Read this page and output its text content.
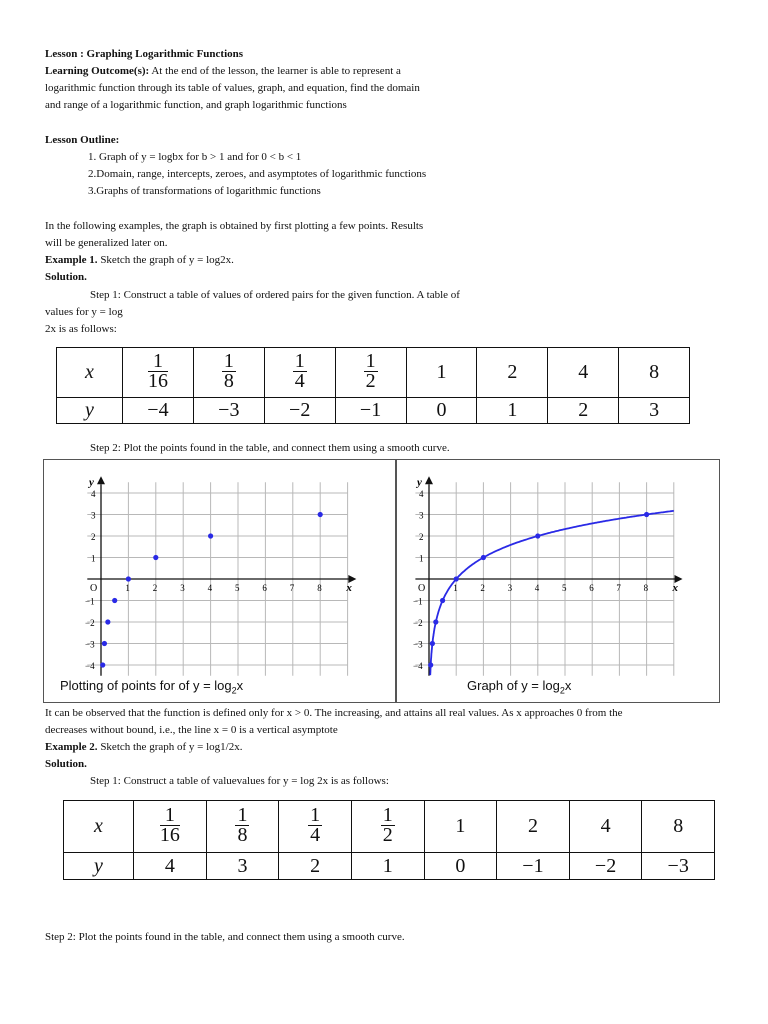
Lesson : Graphing Logarithmic Functions
Learning Outcome(s): At the end of the lesson, the learner is able to represent a
logarithmic function through its table of values, graph, and equation, find the domain
and range of a logarithmic function, and graph logarithmic functions
Lesson Outline:
1. Graph of y = logbx for b > 1 and for 0 < b < 1
2.Domain, range, intercepts, zeroes, and asymptotes of logarithmic functions
3.Graphs of transformations of logarithmic functions
In the following examples, the graph is obtained by first plotting a few points. Results
will be generalized later on.
Example 1. Sketch the graph of y = log2x.
Solution.
Step 1: Construct a table of values of ordered pairs for the given function. A table of
values for y = log
2x is as follows:
x	$\frac{1}{16}$	$\frac{1}{8}$	$\frac{1}{4}$	$\frac{1}{2}$	1	2	4	8
y	−4	−3	−2	−1	0	1	2	3
Step 2: Plot the points found in the table, and connect them using a smooth curve.
x
y
O	1	2	3	4	5	6	7	8
1
2
3
4
−1
−2
−3
−4
Plotting of points for of $y = \log_2x$
x
y
O	1	2	3	4	5	6	7	8
1
2
3
4
−1
−2
−3
−4
Graph of $y = \log_2x$
It can be observed that the function is defined only for x > 0. The increasing, and attains all real values. As x approaches 0 from the
decreases without bound, i.e., the line x = 0 is a vertical asymptote
Example 2. Sketch the graph of y = log1/2x.
Solution.
Step 1: Construct a table of valuevalues for y = log 2x is as follows:
x	$\frac{1}{16}$	$\frac{1}{8}$	$\frac{1}{4}$	$\frac{1}{2}$	1	2	4	8
y	4	3	2	1	0	−1	−2	−3
Step 2: Plot the points found in the table, and connect them using a smooth curve.
